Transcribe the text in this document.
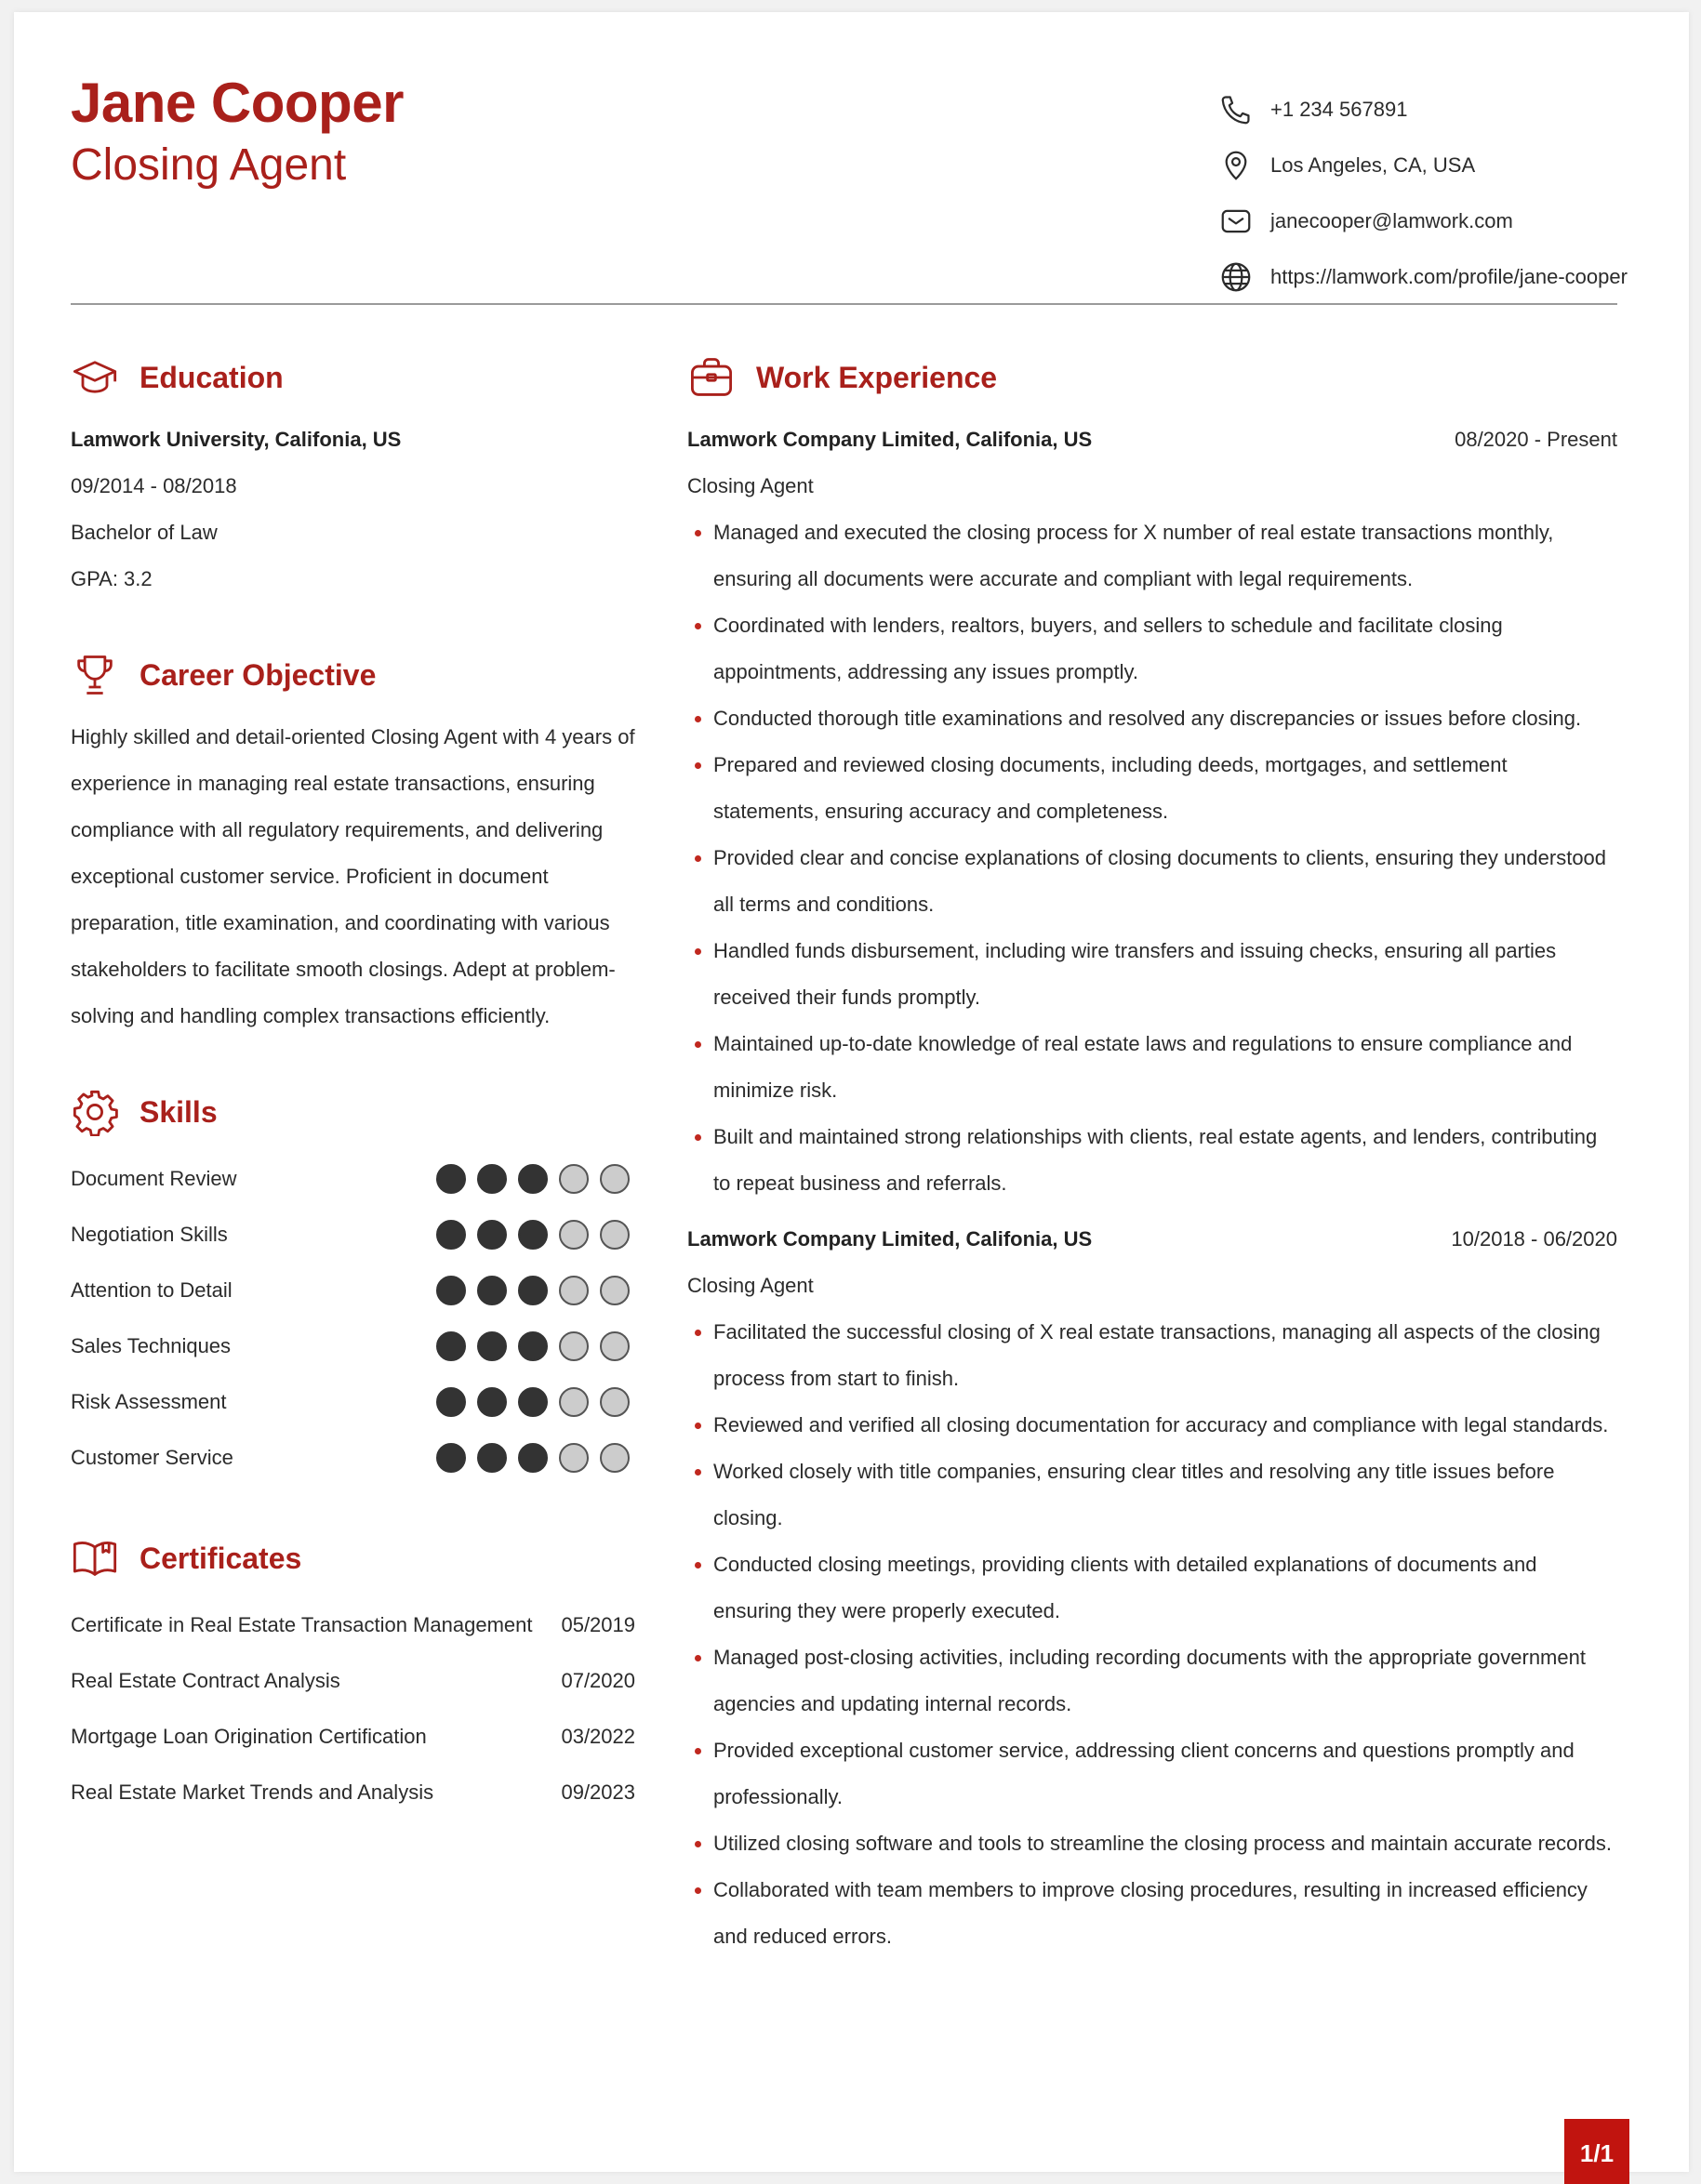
Jane Cooper
Closing Agent
+1 234 567891
Los Angeles, CA, USA
janecooper@lamwork.com
https://lamwork.com/profile/jane-cooper
Education
Lamwork University, Califonia, US
09/2014 - 08/2018
Bachelor of Law
GPA: 3.2
Career Objective
Highly skilled and detail-oriented Closing Agent with 4 years of experience in managing real estate transactions, ensuring compliance with all regulatory requirements, and delivering exceptional customer service. Proficient in document preparation, title examination, and coordinating with various stakeholders to facilitate smooth closings. Adept at problem-solving and handling complex transactions efficiently.
Skills
Document Review
Negotiation Skills
Attention to Detail
Sales Techniques
Risk Assessment
Customer Service
Certificates
Certificate in Real Estate Transaction Management 05/2019
Real Estate Contract Analysis	07/2020
Mortgage Loan Origination Certification	03/2022
Real Estate Market Trends and Analysis	09/2023
Work Experience
Lamwork Company Limited, Califonia, US	08/2020 - Present
Closing Agent
Managed and executed the closing process for X number of real estate transactions monthly, ensuring all documents were accurate and compliant with legal requirements.
Coordinated with lenders, realtors, buyers, and sellers to schedule and facilitate closing appointments, addressing any issues promptly.
Conducted thorough title examinations and resolved any discrepancies or issues before closing.
Prepared and reviewed closing documents, including deeds, mortgages, and settlement statements, ensuring accuracy and completeness.
Provided clear and concise explanations of closing documents to clients, ensuring they understood all terms and conditions.
Handled funds disbursement, including wire transfers and issuing checks, ensuring all parties received their funds promptly.
Maintained up-to-date knowledge of real estate laws and regulations to ensure compliance and minimize risk.
Built and maintained strong relationships with clients, real estate agents, and lenders, contributing to repeat business and referrals.
Lamwork Company Limited, Califonia, US	10/2018 - 06/2020
Closing Agent
Facilitated the successful closing of X real estate transactions, managing all aspects of the closing process from start to finish.
Reviewed and verified all closing documentation for accuracy and compliance with legal standards.
Worked closely with title companies, ensuring clear titles and resolving any title issues before closing.
Conducted closing meetings, providing clients with detailed explanations of documents and ensuring they were properly executed.
Managed post-closing activities, including recording documents with the appropriate government agencies and updating internal records.
Provided exceptional customer service, addressing client concerns and questions promptly and professionally.
Utilized closing software and tools to streamline the closing process and maintain accurate records.
Collaborated with team members to improve closing procedures, resulting in increased efficiency and reduced errors.
1/1
